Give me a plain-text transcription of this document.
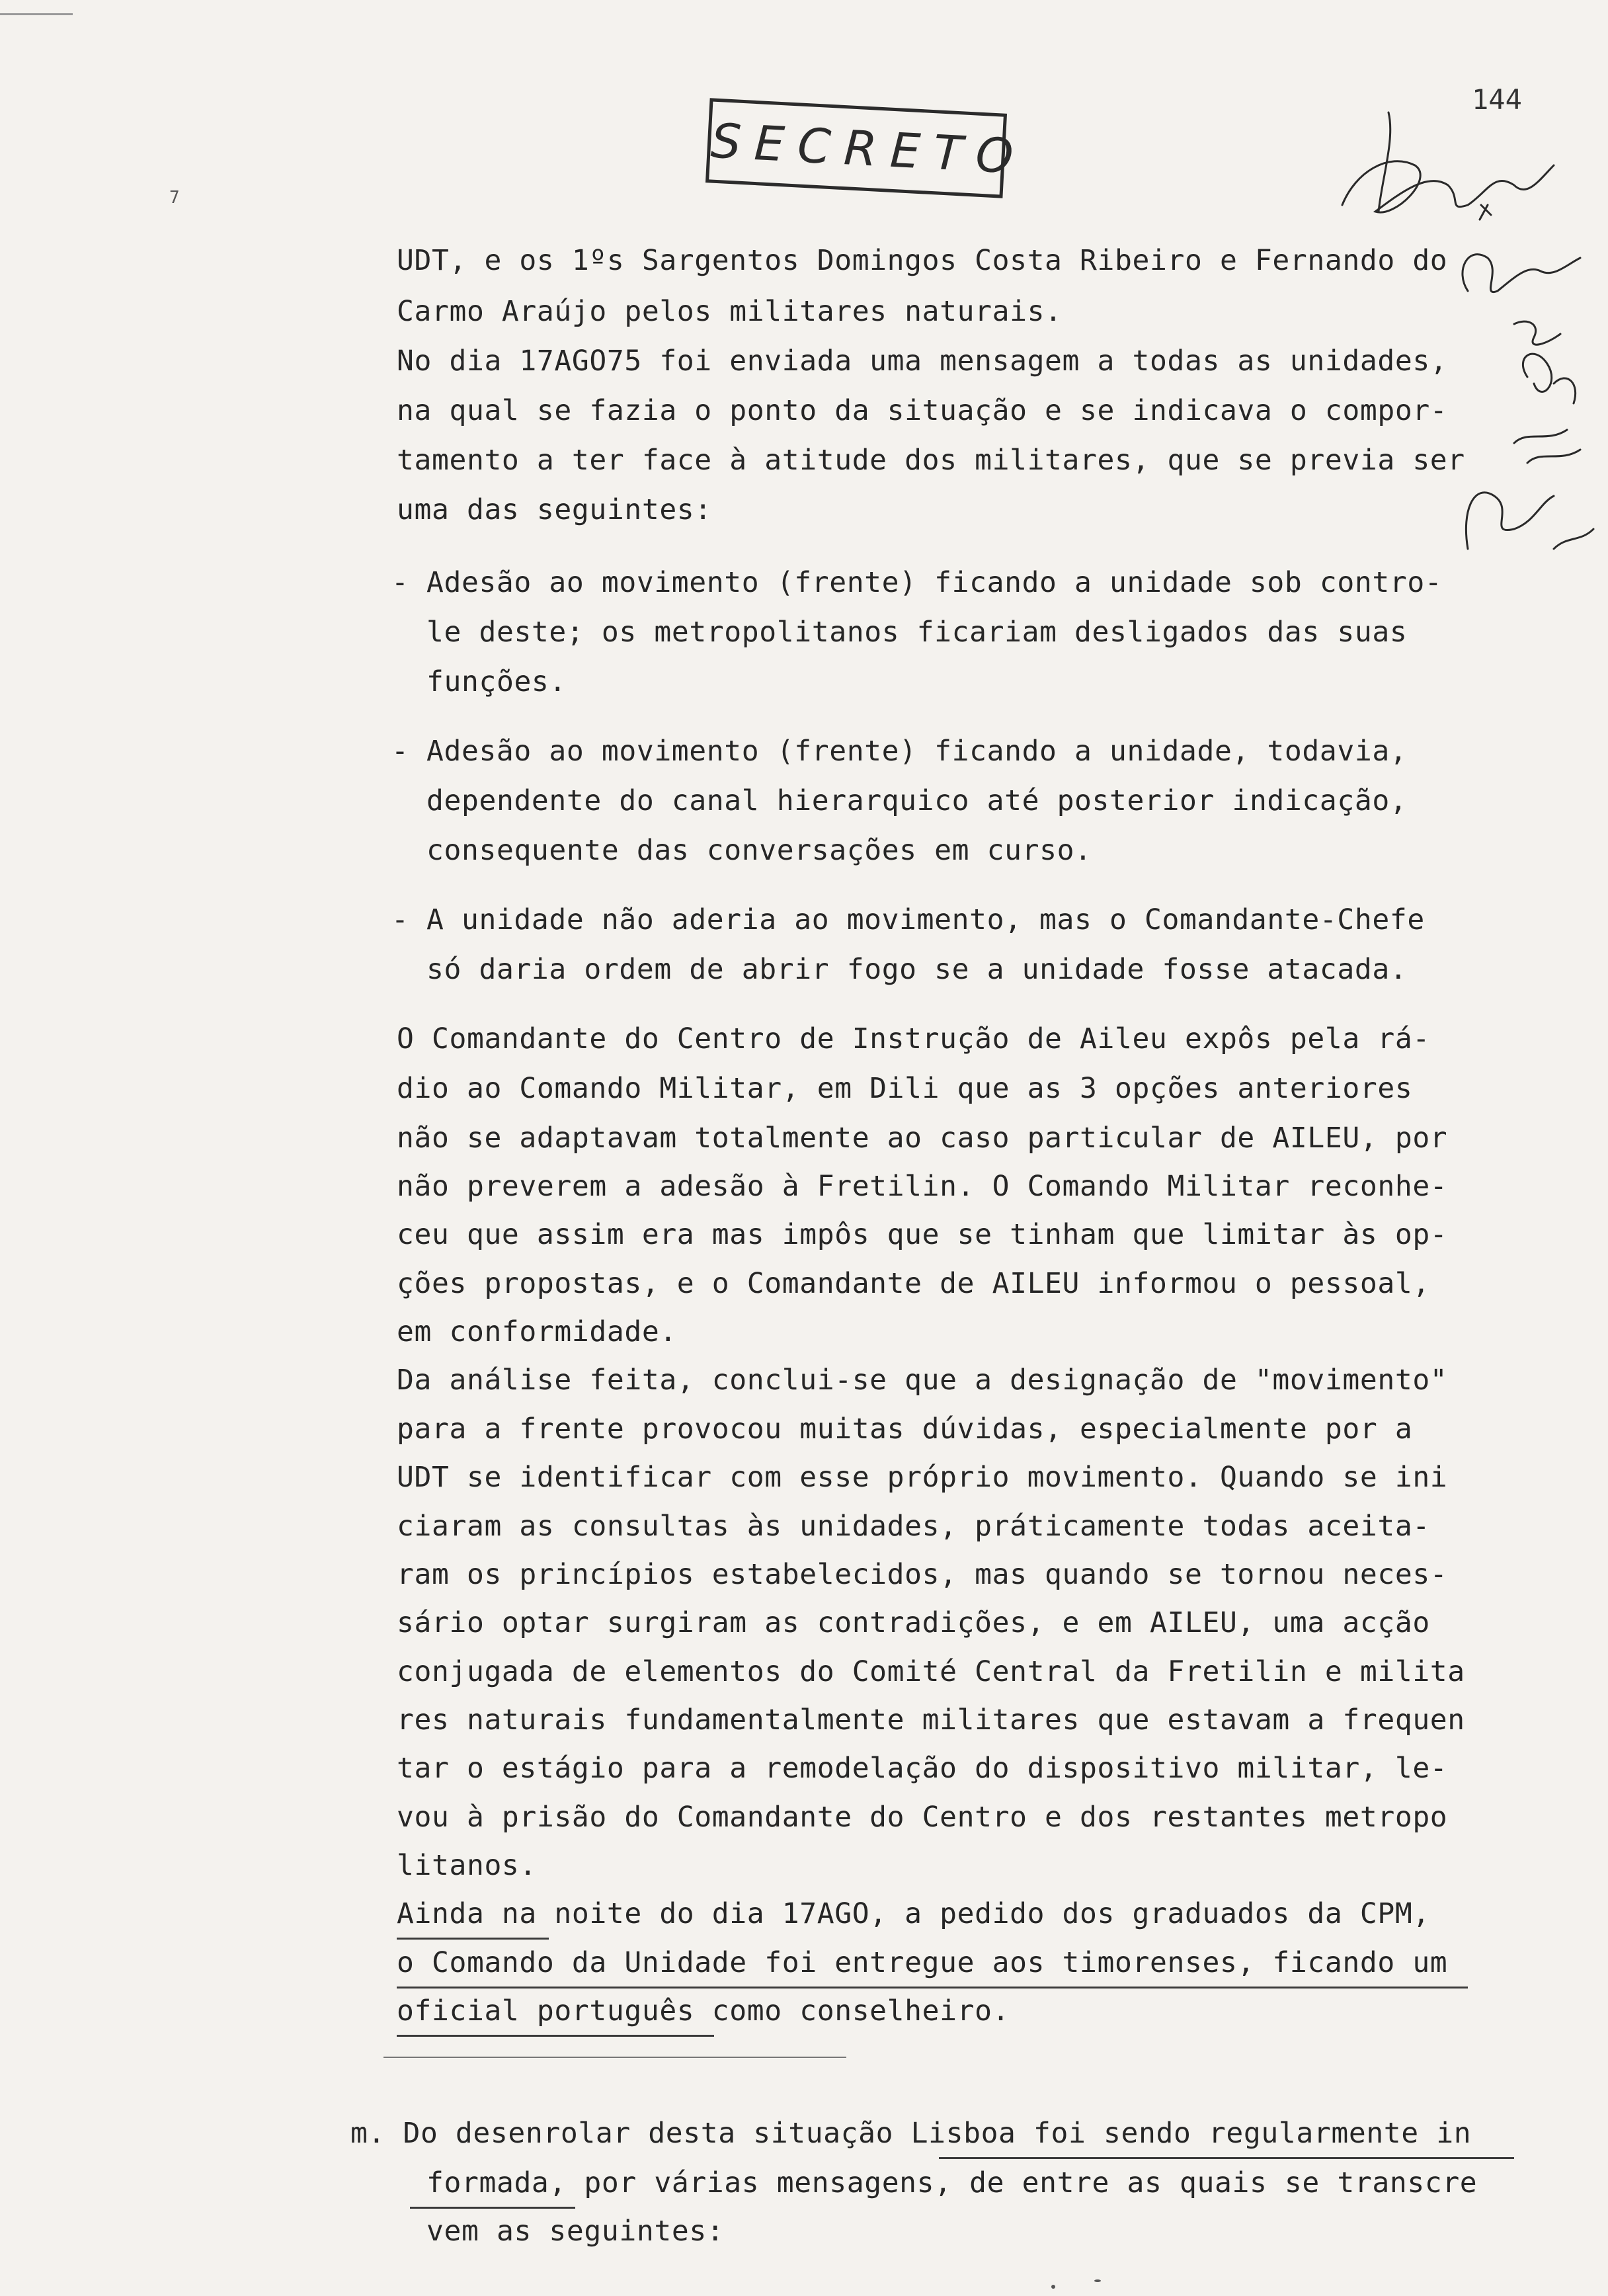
144
7
SECRETO
UDT, e os 1ºs Sargentos Domingos Costa Ribeiro e Fernando do
Carmo Araújo pelos militares naturais.
No dia 17AGO75 foi enviada uma mensagem a todas as unidades,
na qual se fazia o ponto da situação e se indicava o compor-
tamento a ter face à atitude dos militares, que se previa ser
uma das seguintes:
- Adesão ao movimento (frente) ficando a unidade sob contro-
le deste; os metropolitanos ficariam desligados das suas
funções.
- Adesão ao movimento (frente) ficando a unidade, todavia,
dependente do canal hierarquico até posterior indicação,
consequente das conversações em curso.
- A unidade não aderia ao movimento, mas o Comandante-Chefe
só daria ordem de abrir fogo se a unidade fosse atacada.
O Comandante do Centro de Instrução de Aileu expôs pela rá-
dio ao Comando Militar, em Dili que as 3 opções anteriores
não se adaptavam totalmente ao caso particular de AILEU, por
não preverem a adesão à Fretilin. O Comando Militar reconhe-
ceu que assim era mas impôs que se tinham que limitar às op-
ções propostas, e o Comandante de AILEU informou o pessoal,
em conformidade.
Da análise feita, conclui-se que a designação de "movimento"
para a frente provocou muitas dúvidas, especialmente por a
UDT se identificar com esse próprio movimento. Quando se ini
ciaram as consultas às unidades, práticamente todas aceita-
ram os princípios estabelecidos, mas quando se tornou neces-
sário optar surgiram as contradições, e em AILEU, uma acção
conjugada de elementos do Comité Central da Fretilin e milita
res naturais fundamentalmente militares que estavam a frequen
tar o estágio para a remodelação do dispositivo militar, le-
vou à prisão do Comandante do Centro e dos restantes metropo
litanos.
Ainda na noite do dia 17AGO, a pedido dos graduados da CPM,
o Comando da Unidade foi entregue aos timorenses, ficando um
oficial português como conselheiro.
m. Do desenrolar desta situação Lisboa foi sendo regularmente in
formada, por várias mensagens, de entre as quais se transcre
vem as seguintes:
